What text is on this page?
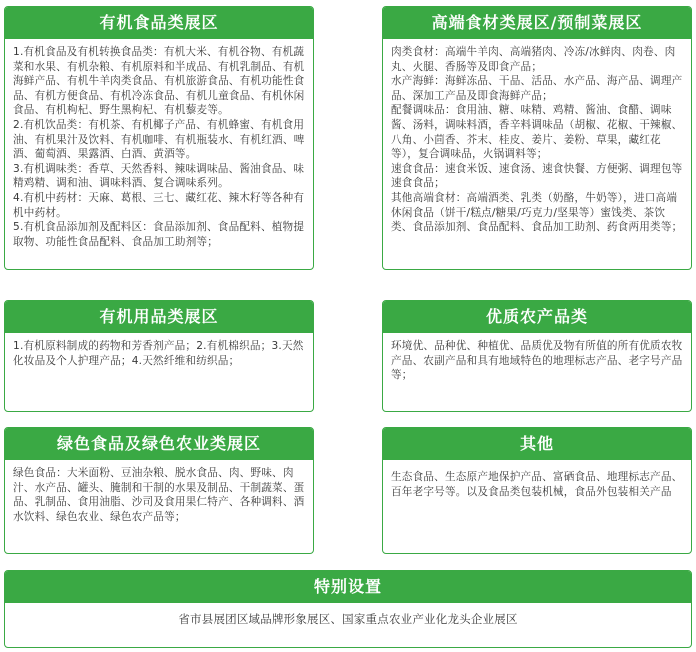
有机食品类展区

1.有机食品及有机转换食品类：有机大米、有机谷物、有机蔬菜和水果、有机杂粮、有机原料和半成品、有机乳制品、有机海鲜产品、有机牛羊肉类食品、有机旅游食品、有机功能性食品、有机方便食品、有机冷冻食品、有机儿童食品、有机休闲食品、有机枸杞、野生黑枸杞、有机藜麦等。

2.有机饮品类：有机茶、有机椰子产品、有机蜂蜜、有机食用油、有机果汁及饮料、有机咖啡、有机瓶装水、有机红酒、啤酒、葡萄酒、果露酒、白酒、黄酒等。

3.有机调味类：香草、天然香料、辣味调味品、酱油食品、味精鸡精、调和油、调味料酒、复合调味系列。

4.有机中药材：天麻、葛根、三七、藏红花、辣木籽等各种有机中药材。

5.有机食品添加剂及配料区：食品添加剂、食品配料、植物提取物、功能性食品配料、食品加工助剂等；

高端食材类展区/预制菜展区

肉类食材：高端牛羊肉、高端猪肉、冷冻/冰鲜肉、肉卷、肉丸、火腿、香肠等及即食产品；

水产海鲜：海鲜冻品、干品、活品、水产品、海产品、调理产品、深加工产品及即食海鲜产品；

配餐调味品：食用油、糖、味精、鸡精、酱油、食醋、调味酱、汤料，调味料酒，香辛料调味品（胡椒、花椒、干辣椒、八角、小茴香、芥末、桂皮、姜片、姜粉、草果，藏红花等），复合调味品，火锅调料等；

速食食品：速食米饭、速食汤、速食快餐、方便粥、调理包等速食食品；

其他高端食材：高端酒类、乳类（奶酪，牛奶等），进口高端休闲食品（饼干/糕点/糖果/巧克力/坚果等）蜜饯类、茶饮类、食品添加剂、食品配料、食品加工助剂、药食两用类等；

有机用品类展区

1.有机原料制成的药物和芳香剂产品；2.有机棉织品；3.天然化妆品及个人护理产品；4.天然纤维和纺织品；

优质农产品类

环境优、品种优、种植优、品质优及物有所值的所有优质农牧产品、农副产品和具有地域特色的地理标志产品、老字号产品等；

绿色食品及绿色农业类展区

绿色食品：大米面粉、豆油杂粮、脱水食品、肉、野味、肉汁、水产品、罐头、腌制和干制的水果及制品、干制蔬菜、蛋品、乳制品、食用油脂、沙司及食用果仁特产、各种调料、酒水饮料、绿色农业、绿色农产品等；

其他

生态食品、生态原产地保护产品、富硒食品、地理标志产品、百年老字号等。以及食品类包装机械，食品外包装相关产品

特别设置

省市县展团区域品牌形象展区、国家重点农业产业化龙头企业展区
